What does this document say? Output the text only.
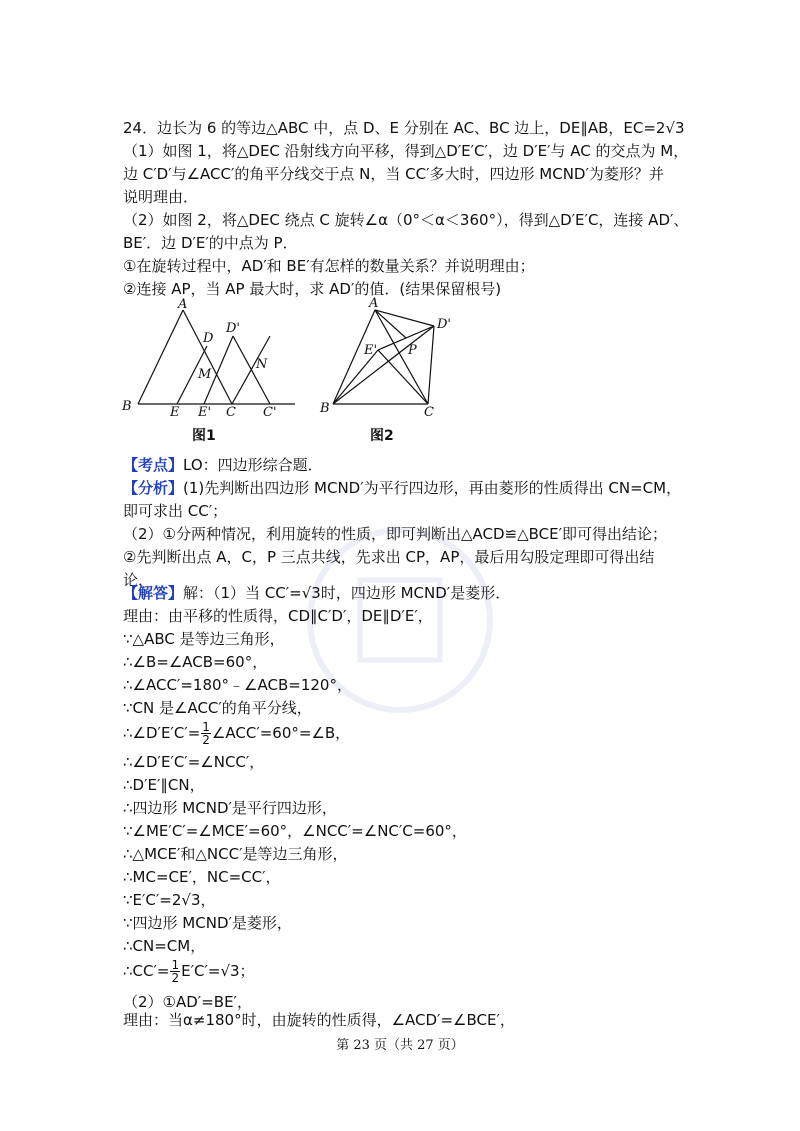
24．边长为 6 的等边△ABC 中，点 D、E 分别在 AC、BC 边上，DE∥AB，EC=2√3
（1）如图 1，将△DEC 沿射线方向平移，得到△D′E′C′，边 D′E′与 AC 的交点为 M，
边 C′D′与∠ACC′的角平分线交于点 N，当 CC′多大时，四边形 MCND′为菱形？并
说明理由．
（2）如图 2，将△DEC 绕点 C 旋转∠α（0°＜α＜360°），得到△D′E′C，连接 AD′、
BE′．边 D′E′的中点为 P．
①在旋转过程中，AD′和 BE′有怎样的数量关系？并说明理由；
②连接 AP，当 AP 最大时，求 AD′的值．(结果保留根号)
A
D
D'
M
N
B	E E' C C'
图1
A
D'
E' P
B	C
图2
【考点】LO：四边形综合题．
【分析】(1)先判断出四边形 MCND′为平行四边形，再由菱形的性质得出 CN=CM，
即可求出 CC′；
（2）①分两种情况，利用旋转的性质，即可判断出△ACD≌△BCE′即可得出结论；
②先判断出点 A，C，P 三点共线，先求出 CP，AP，最后用勾股定理即可得出结
论．
【解答】解：（1）当 CC′=√3时，四边形 MCND′是菱形．
理由：由平移的性质得，CD∥C′D′，DE∥D′E′，
∵△ABC 是等边三角形，
∴∠B=∠ACB=60°，
∴∠ACC′=180°﹣∠ACB=120°，
∵CN 是∠ACC′的角平分线，
∴∠D′E′C′= $\frac{1}{2}$ ∠ACC′=60°=∠B，
∴∠D′E′C′=∠NCC′，
∴D′E′∥CN，
∴四边形 MCND′是平行四边形，
∵∠ME′C′=∠MCE′=60°，∠NCC′=∠NC′C=60°，
∴△MCE′和△NCC′是等边三角形，
∴MC=CE′，NC=CC′，
∵E′C′=2√3，
∵四边形 MCND′是菱形，
∴CN=CM，
∴CC′= $\frac{1}{2} E'C'=√3$；
（2）①AD′=BE′，
理由：当α≠180°时，由旋转的性质得，∠ACD′=∠BCE′，
第 23 页（共 27 页）
